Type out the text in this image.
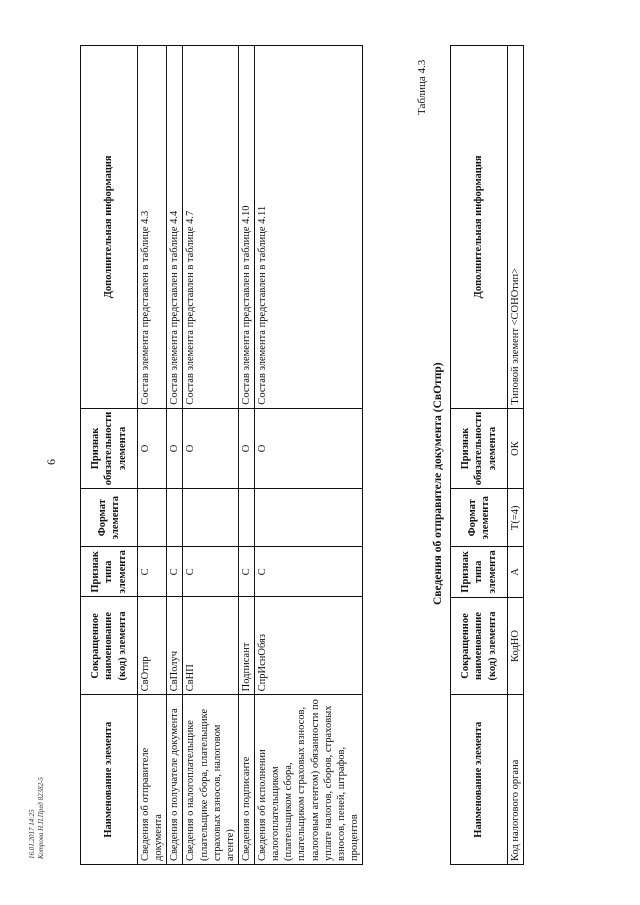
16.01.2017 14:25 Котрова Н.П.Пред 82382-5
6
Наименование элемента	Сокращенное наименование (код) элемента	Признак типа элемента	Формат элемента	Признак обязательности элемента	Дополнительная информация
Сведения об отправителе документа	СвОтпр	С		О	Состав элемента представлен в таблице 4.3
Сведения о получателе документа	СвПолуч	С		О	Состав элемента представлен в таблице 4.4
Сведения о налогоплательщике (плательщике сбора, плательщике страховых взносов, налоговом агенте)	СвНП	С		О	Состав элемента представлен в таблице 4.7
Сведения о подписанте	Подписант	С		О	Состав элемента представлен в таблице 4.10
Сведения об исполнении налогоплательщиком (плательщиком сбора, плательщиком страховых взносов, налоговым агентом) обязанности по уплате налогов, сборов, страховых взносов, пеней, штрафов, процентов	СпрИснОбяз	С		О	Состав элемента представлен в таблице 4.11
Таблица 4.3
Сведения об отправителе документа (СвОтпр)
Наименование элемента	Сокращенное наименование (код) элемента	Признак типа элемента	Формат элемента	Признак обязательности элемента	Дополнительная информация
Код налогового органа	КодНО	А	T(=4)	ОК	Типовой элемент <СОНОтип>
